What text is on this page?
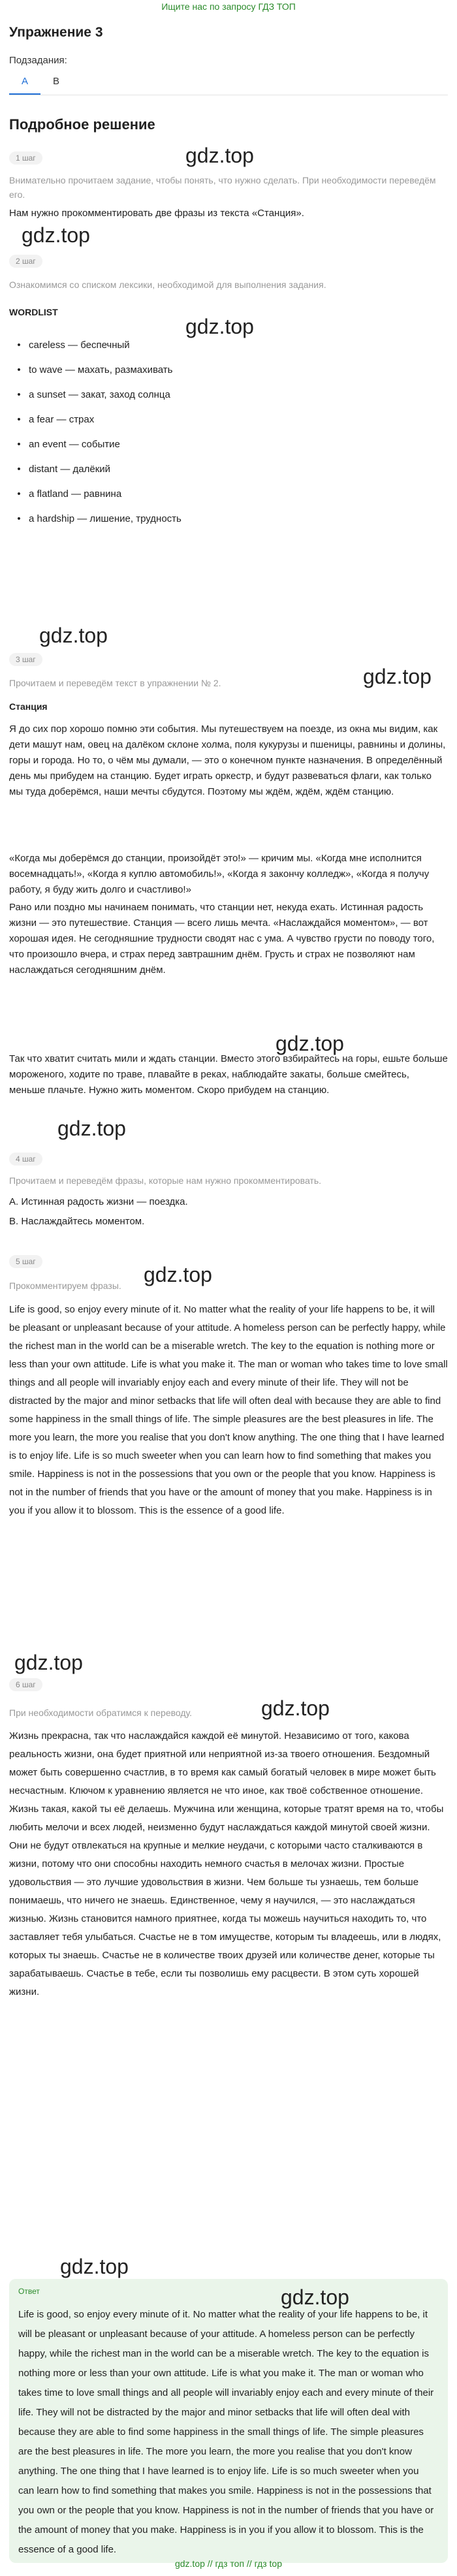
Ищите нас по запросу ГДЗ ТОП
Упражнение 3
Подзадания:
A	B
Подробное решение
gdz.top
1 шаг
Внимательно прочитаем задание, чтобы понять, что нужно сделать. При необходимости переведём его.
Нам нужно прокомментировать две фразы из текста «Станция».
gdz.top
2 шаг
Ознакомимся со списком лексики, необходимой для выполнения задания.
WORDLIST
gdz.top
• careless — беспечный
• to wave — махать, размахивать
• a sunset — закат, заход солнца
• a fear — страх
• an event — событие
• distant — далёкий
• a flatland — равнина
• a hardship — лишение, трудность
gdz.top
gdz.top
3 шаг
Прочитаем и переведём текст в упражнении № 2.
Станция
Я до сих пор хорошо помню эти события. Мы путешествуем на поезде, из окна мы видим, как дети машут нам, овец на далёком склоне холма, поля кукурузы и пшеницы, равнины и долины, горы и города. Но то, о чём мы думали, — это о конечном пункте назначения. В определённый день мы прибудем на станцию. Будет играть оркестр, и будут развеваться флаги, как только мы туда доберёмся, наши мечты сбудутся. Поэтому мы ждём, ждём, ждём станцию.
«Когда мы доберёмся до станции, произойдёт это!» — кричим мы. «Когда мне исполнится восемнадцать!», «Когда я куплю автомобиль!», «Когда я закончу колледж», «Когда я получу работу, я буду жить долго и счастливо!»
Рано или поздно мы начинаем понимать, что станции нет, некуда ехать. Истинная радость жизни — это путешествие. Станция — всего лишь мечта. «Наслаждайся моментом», — вот хорошая идея. Не сегодняшние трудности сводят нас с ума. А чувство грусти по поводу того, что произошло вчера, и страх перед завтрашним днём. Грусть и страх не позволяют нам наслаждаться сегодняшним днём.
gdz.top
Так что хватит считать мили и ждать станции. Вместо этого взбирайтесь на горы, ешьте больше мороженого, ходите по траве, плавайте в реках, наблюдайте закаты, больше смейтесь, меньше плачьте. Нужно жить моментом. Скоро прибудем на станцию.
gdz.top
4 шаг
Прочитаем и переведём фразы, которые нам нужно прокомментировать.
A. Истинная радость жизни — поездка.
B. Наслаждайтесь моментом.
5 шаг
gdz.top
Прокомментируем фразы.
Life is good, so enjoy every minute of it. No matter what the reality of your life happens to be, it will be pleasant or unpleasant because of your attitude. A homeless person can be perfectly happy, while the richest man in the world can be a miserable wretch. The key to the equation is nothing more or less than your own attitude. Life is what you make it. The man or woman who takes time to love small things and all people will invariably enjoy each and every minute of their life. They will not be distracted by the major and minor setbacks that life will often deal with because they are able to find some happiness in the small things of life. The simple pleasures are the best pleasures in life. The more you learn, the more you realise that you don't know anything. The one thing that I have learned is to enjoy life. Life is so much sweeter when you can learn how to find something that makes you smile. Happiness is not in the possessions that you own or the people that you know. Happiness is not in the number of friends that you have or the amount of money that you make. Happiness is in you if you allow it to blossom. This is the essence of a good life.
gdz.top
6 шаг
gdz.top
При необходимости обратимся к переводу.
Жизнь прекрасна, так что наслаждайся каждой её минутой. Независимо от того, какова реальность жизни, она будет приятной или неприятной из-за твоего отношения. Бездомный может быть совершенно счастлив, в то время как самый богатый человек в мире может быть несчастным. Ключом к уравнению является не что иное, как твоё собственное отношение. Жизнь такая, какой ты её делаешь. Мужчина или женщина, которые тратят время на то, чтобы любить мелочи и всех людей, неизменно будут наслаждаться каждой минутой своей жизни. Они не будут отвлекаться на крупные и мелкие неудачи, с которыми часто сталкиваются в жизни, потому что они способны находить немного счастья в мелочах жизни. Простые удовольствия — это лучшие удовольствия в жизни. Чем больше ты узнаешь, тем больше понимаешь, что ничего не знаешь. Единственное, чему я научился, — это наслаждаться жизнью. Жизнь становится намного приятнее, когда ты можешь научиться находить то, что заставляет тебя улыбаться. Счастье не в том имуществе, которым ты владеешь, или в людях, которых ты знаешь. Счастье не в количестве твоих друзей или количестве денег, которые ты зарабатываешь. Счастье в тебе, если ты позволишь ему расцвести. В этом суть хорошей жизни.
gdz.top
Ответ
Life is good, so enjoy every minute of it. No matter what the reality of your life happens to be, it will be pleasant or unpleasant because of your attitude. A homeless person can be perfectly happy, while the richest man in the world can be a miserable wretch. The key to the equation is nothing more or less than your own attitude. Life is what you make it. The man or woman who takes time to love small things and all people will invariably enjoy each and every minute of their life. They will not be distracted by the major and minor setbacks that life will often deal with because they are able to find some happiness in the small things of life. The simple pleasures are the best pleasures in life. The more you learn, the more you realise that you don't know anything. The one thing that I have learned is to enjoy life. Life is so much sweeter when you can learn how to find something that makes you smile. Happiness is not in the possessions that you own or the people that you know. Happiness is not in the number of friends that you have or the amount of money that you make. Happiness is in you if you allow it to blossom. This is the essence of a good life.
gdz.top
gdz.top // гдз топ // гдз top
